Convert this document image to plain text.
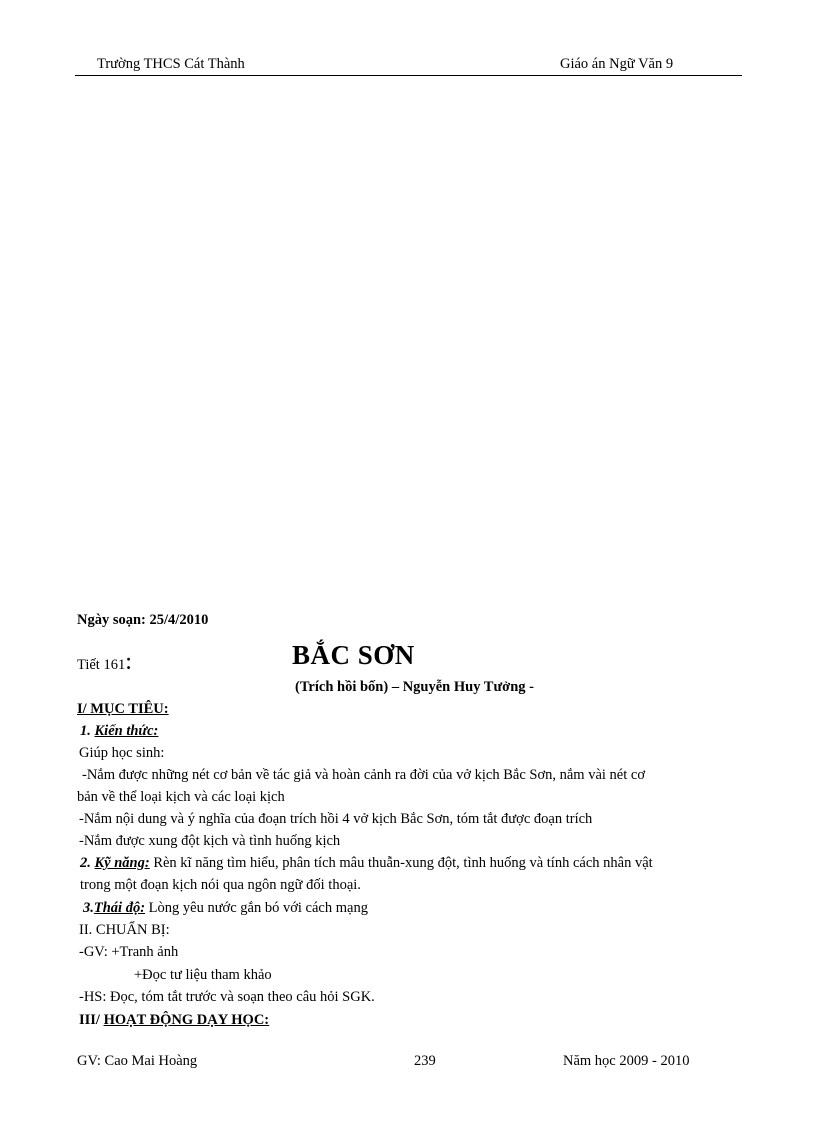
Trường THCS Cát Thành	Giáo án Ngữ Văn 9
Ngày soạn: 25/4/2010
Tiết 161:	BẮC SƠN
(Trích hồi bốn) – Nguyễn Huy Tưởng -
I/ MỤC TIÊU:
1. Kiến thức:
Giúp học sinh:
-Nắm được những nét cơ bản về tác giả và hoàn cảnh ra đời của vở kịch Bắc Sơn, nắm vài nét cơ
bản về thể loại kịch và các loại kịch
-Nắm nội dung và ý nghĩa của đoạn trích hồi 4 vở kịch Bắc Sơn, tóm tắt được đoạn trích
-Nắm được xung đột kịch và tình huống kịch
2. Kỹ năng: Rèn kĩ năng tìm hiểu, phân tích mâu thuẫn-xung đột, tình huống và tính cách nhân vật
trong một đoạn kịch nói qua ngôn ngữ đối thoại.
3.Thái độ: Lòng yêu nước gắn bó với cách mạng
II. CHUẨN BỊ:
-GV: +Tranh ảnh
+Đọc tư liệu tham khảo
-HS: Đọc, tóm tắt trước và soạn theo câu hỏi SGK.
III/ HOẠT ĐỘNG DẠY HỌC:
GV: Cao Mai Hoàng	239	Năm học 2009 - 2010
